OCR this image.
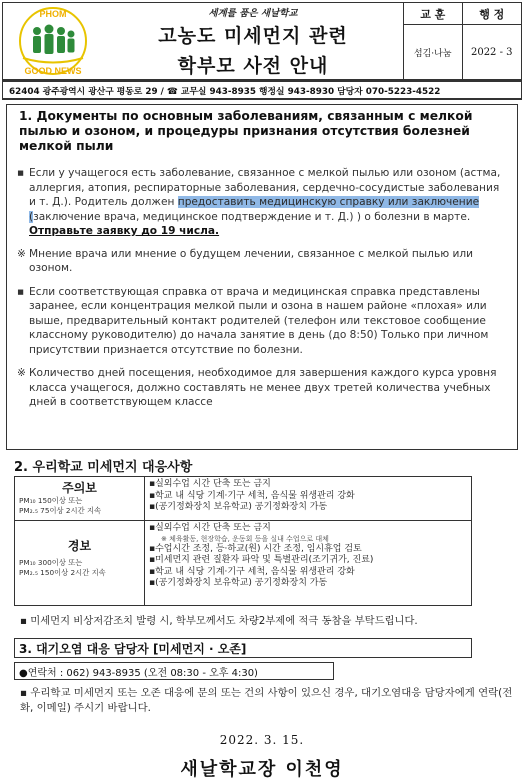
PHOM
GOOD NEWS
세계를 품은 새날학교
고농도 미세먼지 관련
학부모 사전 안내
교 훈	행 정
섬김·나눔	2022 - 3
62404 광주광역시 광산구 평동로 29 / ☎ 교무실 943-8935 행정실 943-8930 담당자 070-5223-4522
1. Документы по основным заболеваниям, связанным с мелкой пылью и озоном, и процедуры признания отсутствия болезней мелкой пыли
▪ Если у учащегося есть заболевание, связанное с мелкой пылью или озоном (астма, аллергия, атопия, респираторные заболевания, сердечно-сосудистые заболевания и т. Д.). Родитель должен предоставить медицинскую справку или заключение (заключение врача, медицинское подтверждение и т. Д.) ) о болезни в марте. Отправьте заявку до 19 числа.
※ Мнение врача или мнение о будущем лечении, связанное с мелкой пылью или озоном.
▪ Если соответствующая справка от врача и медицинская справка представлены заранее, если концентрация мелкой пыли и озона в нашем районе «плохая» или выше, предварительный контакт родителей (телефон или текстовое сообщение классному руководителю) до начала занятие в день (до 8:50) Только при личном присутствии признается отсутствие по болезни.
※ Количество дней посещения, необходимое для завершения каждого курса уровня класса учащегося, должно составлять не менее двух третей количества учебных дней в соответствующем классе
2. 우리학교 미세먼지 대응사항
주의보
PM₁₀ 150이상 또는
PM₂.₅ 75이상 2시간 지속
▪실외수업 시간 단축 또는 금지
▪학교 내 식당 기계·기구 세척, 음식물 위생관리 강화
▪(공기정화장치 보유학교) 공기정화장치 가동
경보
PM₁₀ 300이상 또는
PM₂.₅ 150이상 2시간 지속
▪실외수업 시간 단축 또는 금지
※ 체육활동, 현장학습, 운동회 등을 실내 수업으로 대체
▪수업시간 조정, 등·하교(원) 시간 조정, 임시휴업 검토
▪미세먼지 관련 질환자 파악 및 특별관리(조기귀가, 진료)
▪학교 내 식당 기계·기구 세척, 음식물 위생관리 강화
▪(공기정화장치 보유학교) 공기정화장치 가동
▪ 미세먼지 비상저감조치 발령 시, 학부모께서도 차량2부제에 적극 동참을 부탁드립니다.
3. 대기오염 대응 담당자 [미세먼지 · 오존]
●연락처 : 062) 943-8935 (오전 08:30 - 오후 4:30)
▪ 우리학교 미세먼지 또는 오존 대응에 문의 또는 건의 사항이 있으신 경우, 대기오염대응 담당자에게 연락(전화, 이메일) 주시기 바랍니다.
2022. 3. 15.
새날학교장 이천영
